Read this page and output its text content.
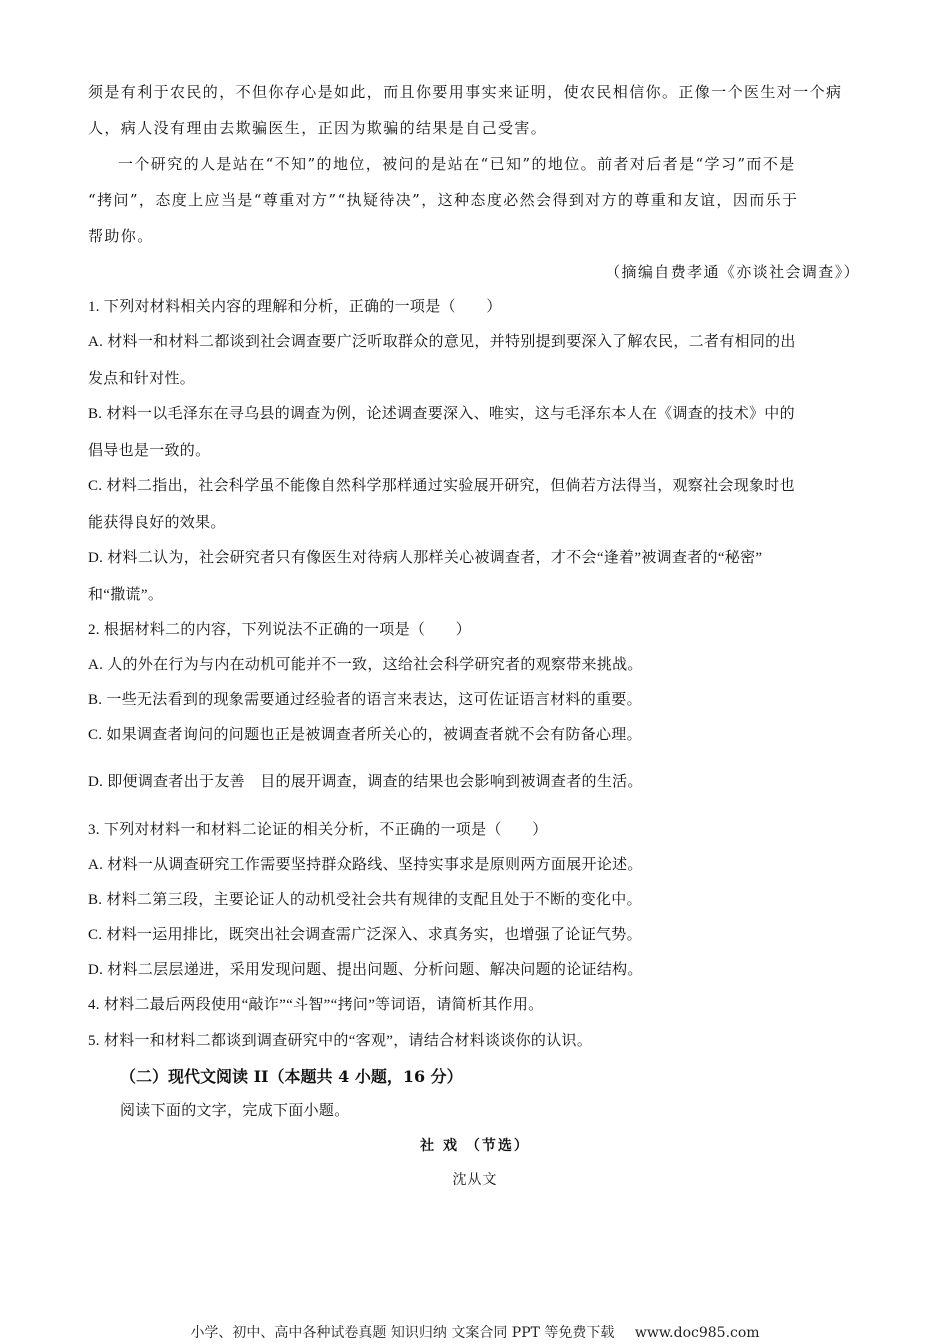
须是有利于农民的，不但你存心是如此，而且你要用事实来证明，使农民相信你。正像一个医生对一个病
人，病人没有理由去欺骗医生，正因为欺骗的结果是自己受害。
一个研究的人是站在“不知”的地位，被问的是站在“已知”的地位。前者对后者是“学习”而不是
“拷问”，态度上应当是“尊重对方”“执疑待决”，这种态度必然会得到对方的尊重和友谊，因而乐于
帮助你。
（摘编自费孝通《亦谈社会调查》）
1. 下列对材料相关内容的理解和分析，正确的一项是（　　）
A. 材料一和材料二都谈到社会调查要广泛听取群众的意见，并特别提到要深入了解农民，二者有相同的出
发点和针对性。
B. 材料一以毛泽东在寻乌县的调查为例，论述调查要深入、唯实，这与毛泽东本人在《调查的技术》中的
倡导也是一致的。
C. 材料二指出，社会科学虽不能像自然科学那样通过实验展开研究，但倘若方法得当，观察社会现象时也
能获得良好的效果。
D. 材料二认为，社会研究者只有像医生对待病人那样关心被调查者，才不会“逢着”被调查者的“秘密”
和“撒谎”。
2. 根据材料二的内容，下列说法不正确的一项是（　　）
A. 人的外在行为与内在动机可能并不一致，这给社会科学研究者的观察带来挑战。
B. 一些无法看到的现象需要通过经验者的语言来表达，这可佐证语言材料的重要。
C. 如果调查者询问的问题也正是被调查者所关心的，被调查者就不会有防备心理。
D. 即便调查者出于友善　目的展开调查，调查的结果也会影响到被调查者的生活。
3. 下列对材料一和材料二论证的相关分析，不正确的一项是（　　）
A. 材料一从调查研究工作需要坚持群众路线、坚持实事求是原则两方面展开论述。
B. 材料二第三段，主要论证人的动机受社会共有规律的支配且处于不断的变化中。
C. 材料一运用排比，既突出社会调查需广泛深入、求真务实，也增强了论证气势。
D. 材料二层层递进，采用发现问题、提出问题、分析问题、解决问题的论证结构。
4. 材料二最后两段使用“敲诈”“斗智”“拷问”等词语，请简析其作用。
5. 材料一和材料二都谈到调查研究中的“客观”，请结合材料谈谈你的认识。
（二）现代文阅读 II（本题共 4 小题，16 分）
阅读下面的文字，完成下面小题。
社 戏 （节选）
沈从文
小学、初中、高中各种试卷真题 知识归纳 文案合同 PPT 等免费下载 www.doc985.com
